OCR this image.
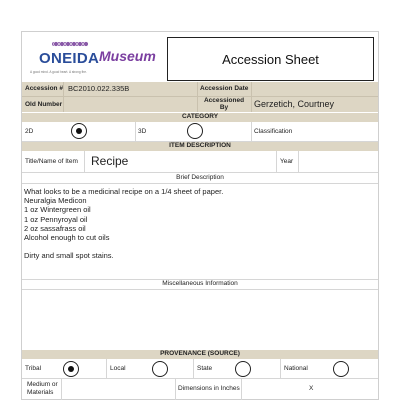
ONEIDA
A good mind. A good heart. A strong fire.
Museum	Accession Sheet
Accession # BC2010.022.335B	Accession Date
Old Number
Accessioned By	Gerzetich, Courtney
CATEGORY
2D	3D	Classification
ITEM DESCRIPTION
Title/Name of Item Recipe	Year
Brief Description
What looks to be a medicinal recipe on a 1/4 sheet of paper.
Neuralgia Medicon
1 oz Wintergreen oil
1 oz Pennyroyal oil
2 oz sassafrass oil
Alcohol enough to cut oils
Dirty and small spot stains.
Miscellaneous Information
PROVENANCE (SOURCE)
Tribal	Local	State	National
Medium or
Materials
Dimensions in Inches	X
